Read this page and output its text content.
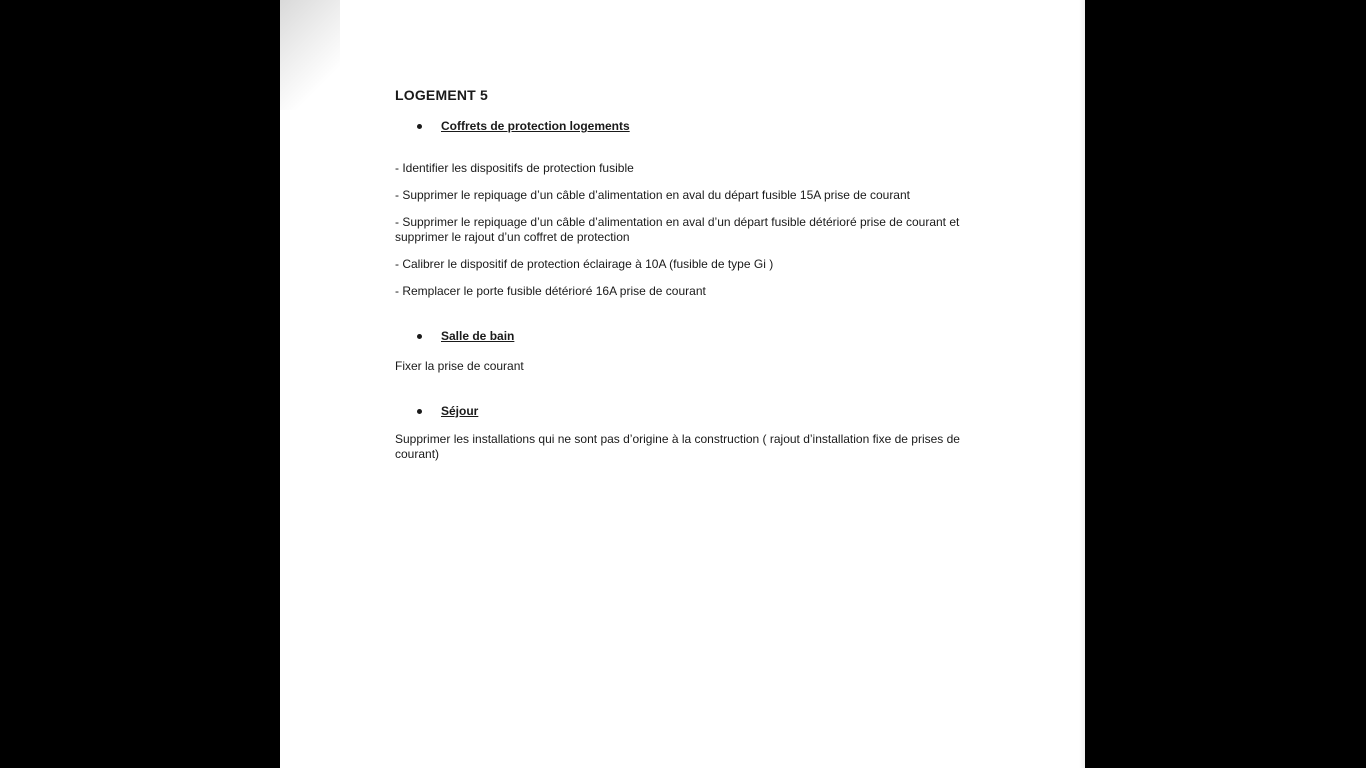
LOGEMENT 5
Coffrets de protection logements

- Identifier les dispositifs de protection fusible

- Supprimer le repiquage d’un câble d’alimentation en aval du départ fusible 15A prise de courant

- Supprimer le repiquage d’un câble d’alimentation en aval d’un départ fusible détérioré prise de courant et supprimer le rajout d’un coffret de protection

- Calibrer le dispositif de protection éclairage à 10A (fusible de type Gi )

- Remplacer le porte fusible détérioré 16A prise de courant

Salle de bain

Fixer la prise de courant

Séjour

Supprimer les installations qui ne sont pas d’origine à la construction ( rajout d’installation fixe de prises de courant)
